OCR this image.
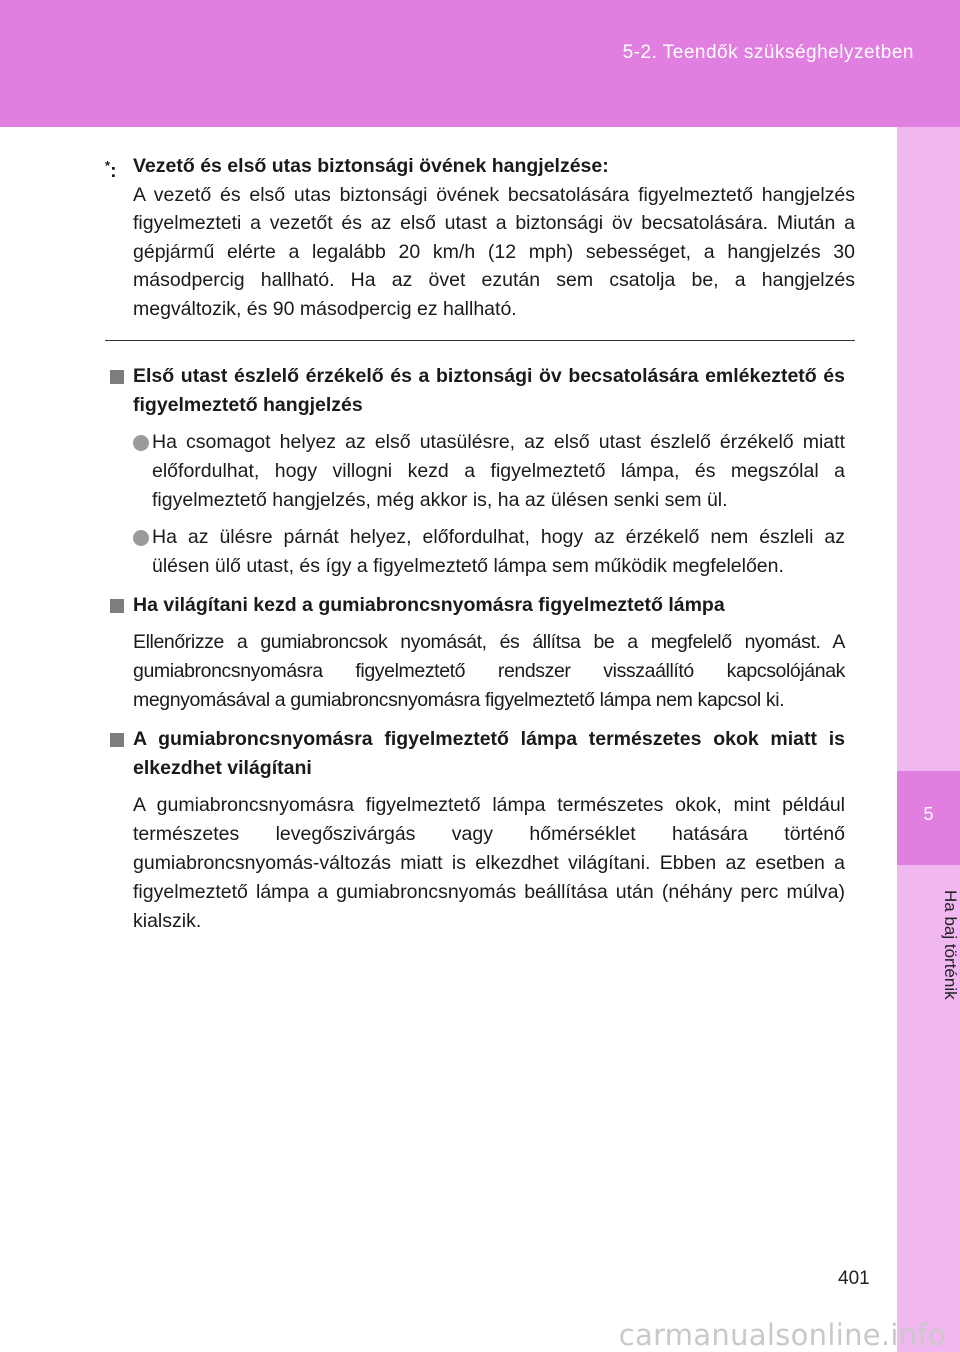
5-2. Teendők szükséghelyzetben
5
Ha baj történik
*: Vezető és első utas biztonsági övének hangjelzése:
A vezető és első utas biztonsági övének becsatolására figyelmeztető hangjelzés figyelmezteti a vezetőt és az első utast a biztonsági öv becsatolására. Miután a gépjármű elérte a legalább 20 km/h (12 mph) sebességet, a hangjelzés 30 másodpercig hallható. Ha az övet ezután sem csatolja be, a hangjelzés megváltozik, és 90 másodpercig ez hallható.
Első utast észlelő érzékelő és a biztonsági öv becsatolására emlékeztető és figyelmeztető hangjelzés
Ha csomagot helyez az első utasülésre, az első utast észlelő érzékelő miatt előfordulhat, hogy villogni kezd a figyelmeztető lámpa, és megszólal a figyelmeztető hangjelzés, még akkor is, ha az ülésen senki sem ül.
Ha az ülésre párnát helyez, előfordulhat, hogy az érzékelő nem észleli az ülésen ülő utast, és így a figyelmeztető lámpa sem működik megfelelően.
Ha világítani kezd a gumiabroncsnyomásra figyelmeztető lámpa
Ellenőrizze a gumiabroncsok nyomását, és állítsa be a megfelelő nyomást. A gumiabroncsnyomásra figyelmeztető rendszer visszaállító kapcsolójának megnyomásával a gumiabroncsnyomásra figyelmeztető lámpa nem kapcsol ki.
A gumiabroncsnyomásra figyelmeztető lámpa természetes okok miatt is elkezdhet világítani
A gumiabroncsnyomásra figyelmeztető lámpa természetes okok, mint például természetes levegőszivárgás vagy hőmérséklet hatására történő gumiabroncsnyomás-változás miatt is elkezdhet világítani. Ebben az esetben a figyelmeztető lámpa a gumiabroncsnyomás beállítása után (néhány perc múlva) kialszik.
401
carmanualsonline.info
